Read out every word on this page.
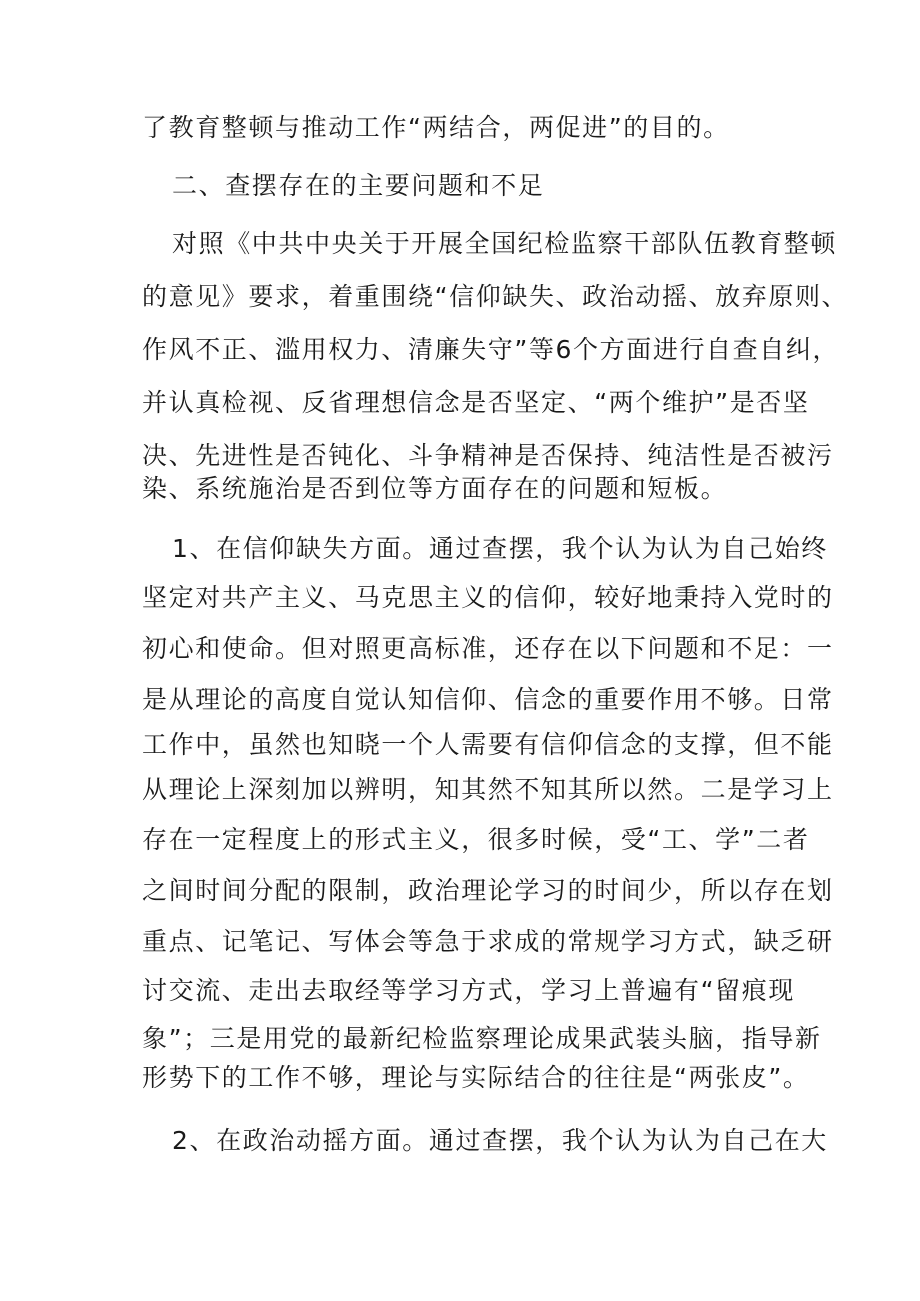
了教育整顿与推动工作“两结合，两促进”的目的。
二、查摆存在的主要问题和不足
对照《中共中央关于开展全国纪检监察干部队伍教育整顿
的意见》要求，着重围绕“信仰缺失、政治动摇、放弃原则、
作风不正、滥用权力、清廉失守”等6个方面进行自查自纠，
并认真检视、反省理想信念是否坚定、“两个维护”是否坚
决、先进性是否钝化、斗争精神是否保持、纯洁性是否被污
染、系统施治是否到位等方面存在的问题和短板。
1、在信仰缺失方面。通过查摆，我个认为认为自己始终
坚定对共产主义、马克思主义的信仰，较好地秉持入党时的
初心和使命。但对照更高标准，还存在以下问题和不足：一
是从理论的高度自觉认知信仰、信念的重要作用不够。日常
工作中，虽然也知晓一个人需要有信仰信念的支撑，但不能
从理论上深刻加以辨明，知其然不知其所以然。二是学习上
存在一定程度上的形式主义，很多时候，受“工、学”二者
之间时间分配的限制，政治理论学习的时间少，所以存在划
重点、记笔记、写体会等急于求成的常规学习方式，缺乏研
讨交流、走出去取经等学习方式，学习上普遍有“留痕现
象”；三是用党的最新纪检监察理论成果武装头脑，指导新
形势下的工作不够，理论与实际结合的往往是“两张皮”。
2、在政治动摇方面。通过查摆，我个认为认为自己在大
